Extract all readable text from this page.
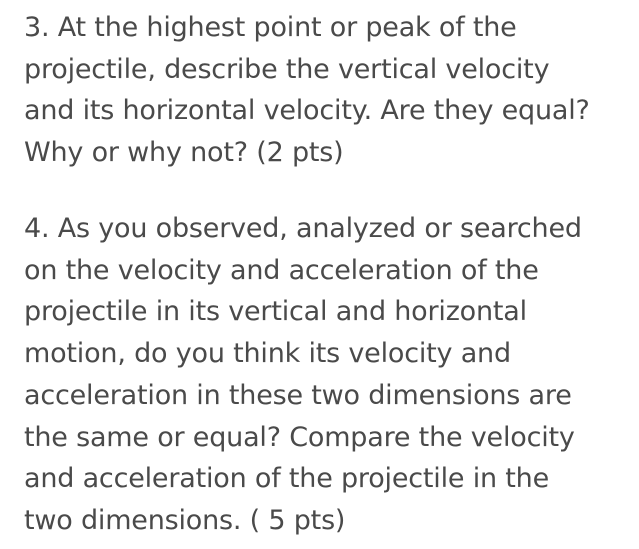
3. At the highest point or peak of the
projectile, describe the vertical velocity
and its horizontal velocity. Are they equal?
Why or why not? (2 pts)
4. As you observed, analyzed or searched
on the velocity and acceleration of the
projectile in its vertical and horizontal
motion, do you think its velocity and
acceleration in these two dimensions are
the same or equal? Compare the velocity
and acceleration of the projectile in the
two dimensions. ( 5 pts)
